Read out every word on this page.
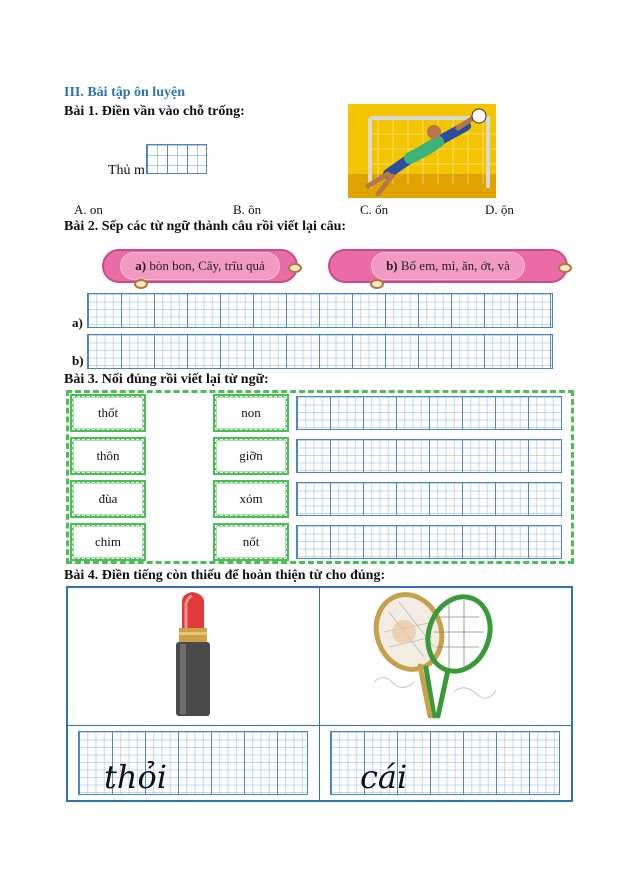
III. Bài tập ôn luyện
Bài 1. Điền vần vào chỗ trống:
Thủ m
A. on	B. ôn	C. ốn	D. ộn
Bài 2. Sếp các từ ngữ thành câu rồi viết lại câu:
a) bòn bon, Cây, trĩu quả	b) Bố em, mì, ăn, ớt, và
a)
b)
Bài 3. Nối đúng rồi viết lại từ ngữ:
thốt
thôn
đùa
chim
non
giỡn
xóm
nốt
Bài 4. Điền tiếng còn thiếu để hoàn thiện từ cho đúng:
thỏi	cái
